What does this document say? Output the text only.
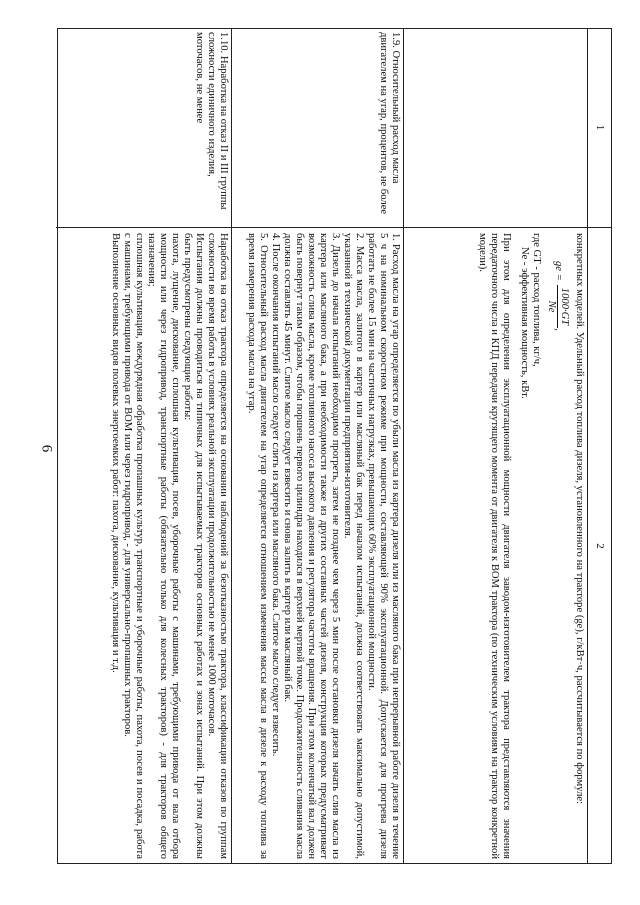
6
1
2

конкретных моделей. Удельный расход топлива дизеля, установленного на тракторе (gе), г/кВт·ч, рассчитывается по формуле:

gе =
1000·GТ
Nе
,

где GТ - расход топлива, кг/ч,

Nе - эффективная мощность, кВт.

При этом для определения эксплуатационной мощности двигателя заводом-изготовителем трактора представляются значения передаточного числа и КПД передачи крутящего момента от двигателя к ВОМ трактора (по техническим условиям на трактор конкретной модели).

1.9. Относительный расход масла двигателем на угар, процентов, не более

1. Расход масла на угар определяется по убыли масла из картера дизеля или из масляного бака при непрерывной работе дизеля в течение 5 ч на номинальном скоростном режиме при мощности, составляющей 90% эксплуатационной. Допускается для прогрева дизеля работать не более 15 мин на частичных нагрузках, превышающих 60% эксплуатационной мощности.

2. Масса масла, залитого в картер или масляный бак перед началом испытаний, должна соответствовать максимально допустимой, указанной в технической документации предприятия-изготовителя.

3. Дизель до начала испытаний необходимо прогреть, затем не позднее чем через 5 мин после остановки дизеля начать слив масла из картера или масляного бака, а при необходимости также из других составных частей дизеля, конструкция которых предусматривает возможность слива масла, кроме топливного насоса высокого давления и регулятора частоты вращения. При этом коленчатый вал должен быть повернут таким образом, чтобы поршень первого цилиндра находился в верхней мертвой точке. Продолжительность сливания масла должна составлять 45 минут. Слитое масло следует взвесить и снова залить в картер или масляный бак.

4. После окончания испытаний масло следует слить из картера или масляного бака. Слитое масло следует взвесить.

5. Относительный расход масла двигателем на угар определяется отношением изменения массы масла в дизеле к расходу топлива за время измерения расхода масла на угар.

1.10. Наработка на отказ II и III группы сложности единичного изделия, моточасов, не менее

Наработка на отказ трактора определяется на основании наблюдений за безотказностью трактора, классификации отказов по группам сложности во время работы в условиях реальной эксплуатации продолжительностью не менее 1000 моточасов.

Испытания должны проводиться на типичных для испытываемых тракторов основных работах и зонах испытаний. При этом должны быть предусмотрены следующие работы:

пахота, лущение, дискование, сплошная культивация, посев, уборочные работы с машинами, требующими привода от вала отбора мощности или через гидропривод, транспортные работы (обязательно только для колесных тракторов) - для тракторов общего назначения;

сплошная культивация, междурядная обработка пропашных культур, транспортные и уборочные работы, пахота, посев и посадка, работа с машинами, требующими привода от ВОМ или через гидропривод, - для универсально-пропашных тракторов.

Выполнение основных видов полевых энергоемких работ: пахота, дискование, культивация и т.д.
